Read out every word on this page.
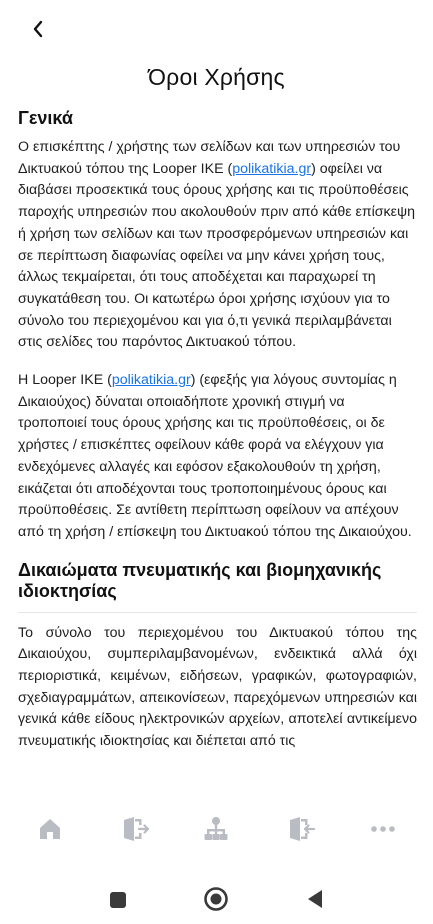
Όροι Χρήσης
Γενικά

Ο επισκέπτης / χρήστης των σελίδων και των υπηρεσιών του Δικτυακού τόπου της Looper IKE (polikatikia.gr) οφείλει να διαβάσει προσεκτικά τους όρους χρήσης και τις προϋποθέσεις παροχής υπηρεσιών που ακολουθούν πριν από κάθε επίσκεψη ή χρήση των σελίδων και των προσφερόμενων υπηρεσιών και σε περίπτωση διαφωνίας οφείλει να μην κάνει χρήση τους, άλλως τεκμαίρεται, ότι τους αποδέχεται και παραχωρεί τη συγκατάθεση του. Οι κατωτέρω όροι χρήσης ισχύουν για το σύνολο του περιεχομένου και για ό,τι γενικά περιλαμβάνεται στις σελίδες του παρόντος Δικτυακού τόπου.

Η Looper IKE (polikatikia.gr) (εφεξής για λόγους συντομίας η Δικαιούχος) δύναται οποιαδήποτε χρονική στιγμή να τροποποιεί τους όρους χρήσης και τις προϋποθέσεις, οι δε χρήστες / επισκέπτες οφείλουν κάθε φορά να ελέγχουν για ενδεχόμενες αλλαγές και εφόσον εξακολουθούν τη χρήση, εικάζεται ότι αποδέχονται τους τροποποιημένους όρους και προϋποθέσεις. Σε αντίθετη περίπτωση οφείλουν να απέχουν από τη χρήση / επίσκεψη του Δικτυακού τόπου της Δικαιούχου.

Δικαιώματα πνευματικής και βιομηχανικής ιδιοκτησίας

Το σύνολο του περιεχομένου του Δικτυακού τόπου της Δικαιούχου, συμπεριλαμβανομένων, ενδεικτικά αλλά όχι περιοριστικά, κειμένων, ειδήσεων, γραφικών, φωτογραφιών, σχεδιαγραμμάτων, απεικονίσεων, παρεχόμενων υπηρεσιών και γενικά κάθε είδους ηλεκτρονικών αρχείων, αποτελεί αντικείμενο πνευματικής ιδιοκτησίας και διέπεται από τις
